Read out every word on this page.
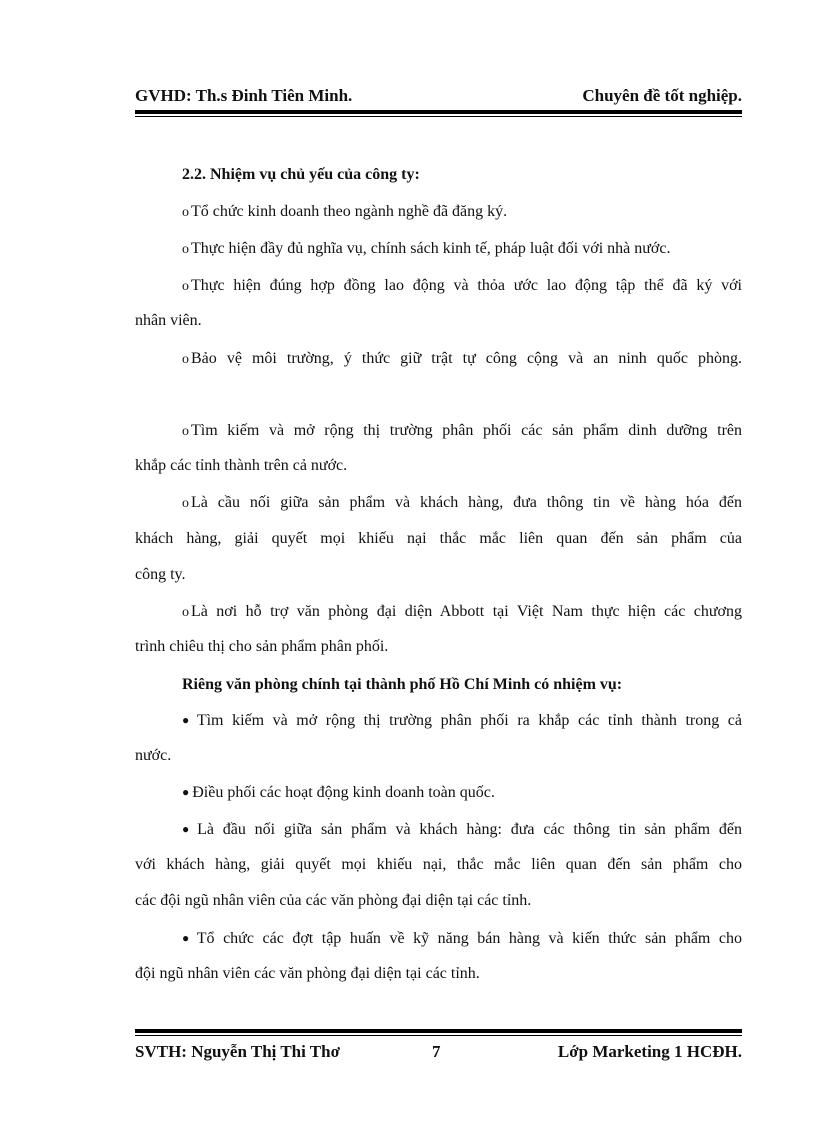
GVHD: Th.s Đinh Tiên Minh.	Chuyên đề tốt nghiệp.
2.2. Nhiệm vụ chủ yếu của công ty:
o Tổ chức kinh doanh theo ngành nghề đã đăng ký.
o Thực hiện đầy đủ nghĩa vụ, chính sách kinh tế, pháp luật đối với nhà nước.
o Thực hiện đúng hợp đồng lao động và thỏa ước lao động tập thể đã ký với
nhân viên.
o Bảo vệ môi trường, ý thức giữ trật tự công cộng và an ninh quốc phòng.
o Tìm kiếm và mở rộng thị trường phân phối các sản phẩm dinh dưỡng trên
khắp các tỉnh thành trên cả nước.
o Là cầu nối giữa sản phẩm và khách hàng, đưa thông tin về hàng hóa đến
khách hàng, giải quyết mọi khiếu nại thắc mắc liên quan đến sản phẩm của
công ty.
o Là nơi hỗ trợ văn phòng đại diện Abbott tại Việt Nam thực hiện các chương
trình chiêu thị cho sản phẩm phân phối.
Riêng văn phòng chính tại thành phố Hồ Chí Minh có nhiệm vụ:
● Tìm kiếm và mở rộng thị trường phân phối ra khắp các tỉnh thành trong cả
nước.
● Điều phối các hoạt động kinh doanh toàn quốc.
● Là đầu nối giữa sản phẩm và khách hàng: đưa các thông tin sản phẩm đến
với khách hàng, giải quyết mọi khiếu nại, thắc mắc liên quan đến sản phẩm cho
các đội ngũ nhân viên của các văn phòng đại diện tại các tỉnh.
● Tổ chức các đợt tập huấn về kỹ năng bán hàng và kiến thức sản phẩm cho
đội ngũ nhân viên các văn phòng đại diện tại các tỉnh.
SVTH: Nguyễn Thị Thi Thơ	7	Lớp Marketing 1 HCĐH.
